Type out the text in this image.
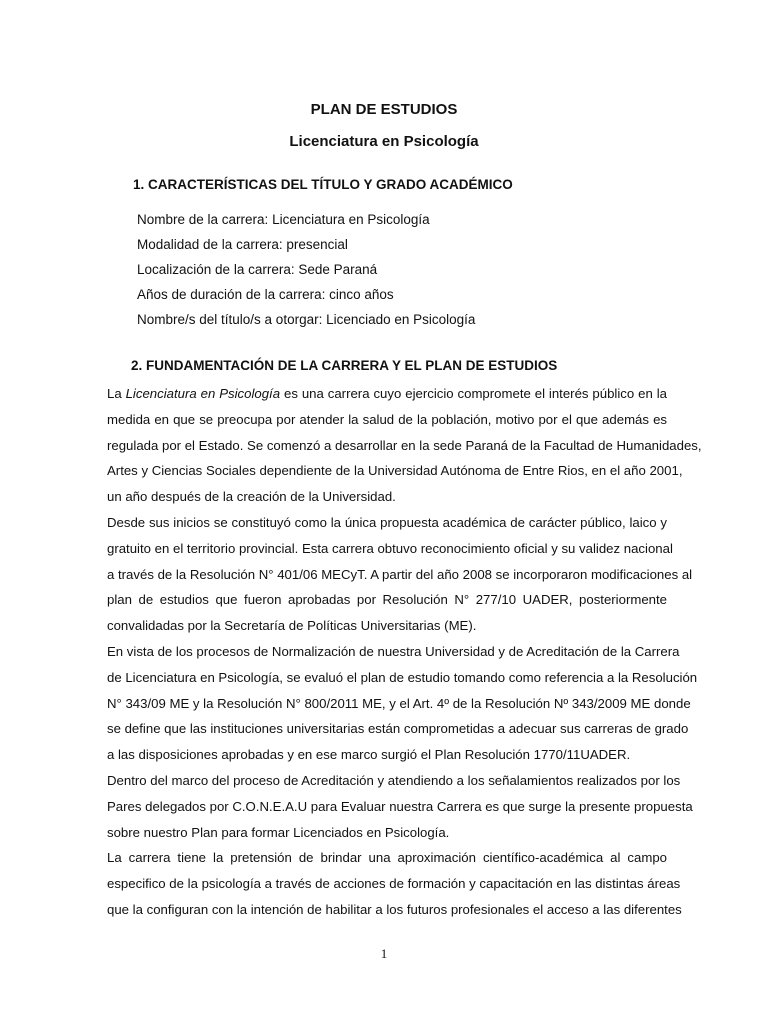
PLAN DE ESTUDIOS
Licenciatura en Psicología
1. CARACTERÍSTICAS DEL TÍTULO Y GRADO ACADÉMICO
Nombre de la carrera: Licenciatura en Psicología
Modalidad de la carrera: presencial
Localización de la carrera: Sede Paraná
Años de duración de la carrera: cinco años
Nombre/s del título/s a otorgar: Licenciado en Psicología
2. FUNDAMENTACIÓN DE LA CARRERA Y EL PLAN DE ESTUDIOS
La Licenciatura en Psicología es una carrera cuyo ejercicio compromete el interés público en la
medida en que se preocupa por atender la salud de la población, motivo por el que además es
regulada por el Estado. Se comenzó a desarrollar en la sede Paraná de la Facultad de Humanidades,
Artes y Ciencias Sociales dependiente de la Universidad Autónoma de Entre Rios, en el año 2001,
un año después de la creación de la Universidad.
Desde sus inicios se constituyó como la única propuesta académica de carácter público, laico y
gratuito en el territorio provincial. Esta carrera obtuvo reconocimiento oficial y su validez nacional
a través de la Resolución N° 401/06 MECyT. A partir del año 2008 se incorporaron modificaciones al
plan de estudios que fueron aprobadas por Resolución N° 277/10 UADER, posteriormente
convalidadas por la Secretaría de Políticas Universitarias (ME).
En vista de los procesos de Normalización de nuestra Universidad y de Acreditación de la Carrera
de Licenciatura en Psicología, se evaluó el plan de estudio tomando como referencia a la Resolución
N° 343/09 ME y la Resolución N° 800/2011 ME, y el Art. 4º de la Resolución Nº 343/2009 ME donde
se define que las instituciones universitarias están comprometidas a adecuar sus carreras de grado
a las disposiciones aprobadas y en ese marco surgió el Plan Resolución 1770/11UADER.
Dentro del marco del proceso de Acreditación y atendiendo a los señalamientos realizados por los
Pares delegados por C.O.N.E.A.U para Evaluar nuestra Carrera es que surge la presente propuesta
sobre nuestro Plan para formar Licenciados en Psicología.
La carrera tiene la pretensión de brindar una aproximación científico-académica al campo
especifico de la psicología a través de acciones de formación y capacitación en las distintas áreas
que la configuran con la intención de habilitar a los futuros profesionales el acceso a las diferentes
1
